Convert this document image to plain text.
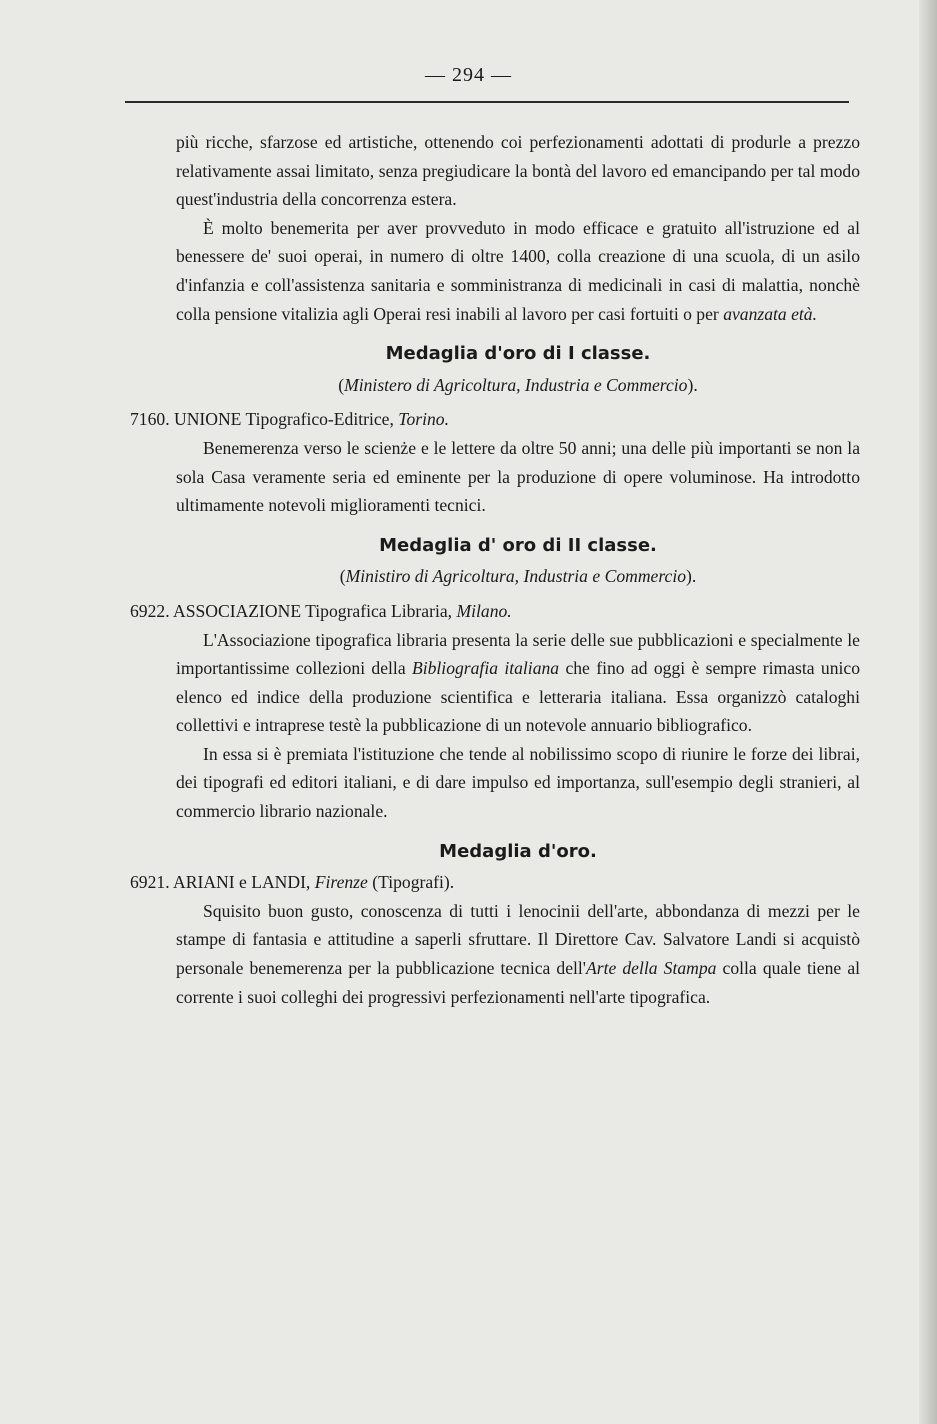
— 294 —

più ricche, sfarzose ed artistiche, ottenendo coi perfezionamenti adottati di produrle a prezzo relativamente assai limitato, senza pregiudicare la bontà del lavoro ed emancipando per tal modo quest'industria della concorrenza estera.

È molto benemerita per aver provveduto in modo efficace e gratuito all'istruzione ed al benessere de' suoi operai, in numero di oltre 1400, colla creazione di una scuola, di un asilo d'infanzia e coll'assistenza sanitaria e somministranza di medicinali in casi di malattia, nonchè colla pensione vitalizia agli Operai resi inabili al lavoro per casi fortuiti o per avanzata età.

Medaglia d'oro di I classe.
(Ministero di Agricoltura, Industria e Commercio).

7160. UNIONE Tipografico-Editrice, Torino.

Benemerenza verso le scienże e le lettere da oltre 50 anni; una delle più importanti se non la sola Casa veramente seria ed eminente per la produzione di opere voluminose. Ha introdotto ultimamente notevoli miglioramenti tecnici.

Medaglia d' oro di II classe.
(Ministiro di Agricoltura, Industria e Commercio).

6922. ASSOCIAZIONE Tipografica Libraria, Milano.

L'Associazione tipografica libraria presenta la serie delle sue pubblicazioni e specialmente le importantissime collezioni della Bibliografia italiana che fino ad oggi è sempre rimasta unico elenco ed indice della produzione scientifica e letteraria italiana. Essa organizzò cataloghi collettivi e intraprese testè la pubblicazione di un notevole annuario bibliografico.

In essa si è premiata l'istituzione che tende al nobilissimo scopo di riunire le forze dei librai, dei tipografi ed editori italiani, e di dare impulso ed importanza, sull'esempio degli stranieri, al commercio librario nazionale.

Medaglia d'oro.

6921. ARIANI e LANDI, Firenze (Tipografi).

Squisito buon gusto, conoscenza di tutti i lenocinii dell'arte, abbondanza di mezzi per le stampe di fantasia e attitudine a saperli sfruttare. Il Direttore Cav. Salvatore Landi si acquistò personale benemerenza per la pubblicazione tecnica dell'Arte della Stampa colla quale tiene al corrente i suoi colleghi dei progressivi perfezionamenti nell'arte tipografica.
